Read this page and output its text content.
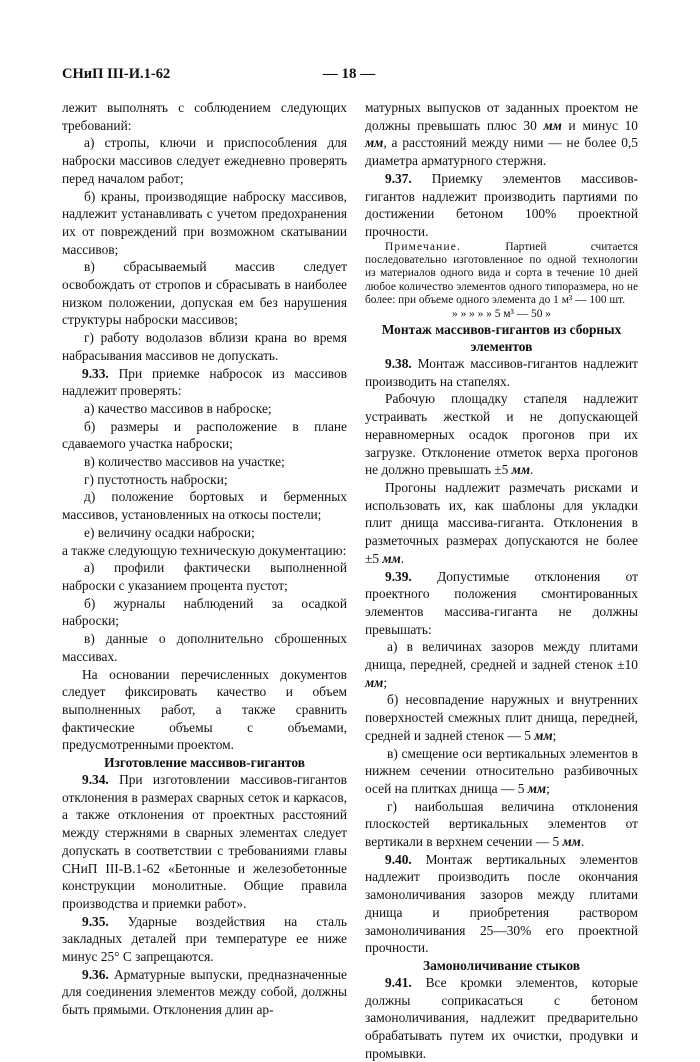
СНиП III-И.1-62	— 18 —

лежит выполнять с соблюдением следующих требований:

а) стропы, ключи и приспособления для наброски массивов следует ежедневно проверять перед началом работ;

б) краны, производящие наброску массивов, надлежит устанавливать с учетом предохранения их от повреждений при возможном скатывании массивов;

в) сбрасываемый массив следует освобождать от стропов и сбрасывать в наиболее низком положении, допуская ем без нарушения структуры наброски массивов;

г) работу водолазов вблизи крана во время набрасывания массивов не допускать.

9.33. При приемке набросок из массивов надлежит проверять:

а) качество массивов в наброске;

б) размеры и расположение в плане сдаваемого участка наброски;

в) количество массивов на участке;

г) пустотность наброски;

д) положение бортовых и берменных массивов, установленных на откосы постели;

е) величину осадки наброски;

а также следующую техническую документацию:

а) профили фактически выполненной наброски с указанием процента пустот;

б) журналы наблюдений за осадкой наброски;

в) данные о дополнительно сброшенных массивах.

На основании перечисленных документов следует фиксировать качество и объем выполненных работ, а также сравнить фактические объемы с объемами, предусмотренными проектом.

Изготовление массивов-гигантов

9.34. При изготовлении массивов-гигантов отклонения в размерах сварных сеток и каркасов, а также отклонения от проектных расстояний между стержнями в сварных элементах следует допускать в соответствии с требованиями главы СНиП III-В.1-62 «Бетонные и железобетонные конструкции монолитные. Общие правила производства и приемки работ».

9.35. Ударные воздействия на сталь закладных деталей при температуре ее ниже минус 25° С запрещаются.

9.36. Арматурные выпуски, предназначенные для соединения элементов между собой, должны быть прямыми. Отклонения длин ар-

матурных выпусков от заданных проектом не должны превышать плюс 30 мм и минус 10 мм, а расстояний между ними — не более 0,5 диаметра арматурного стержня.

9.37. Приемку элементов массивов-гигантов надлежит производить партиями по достижении бетоном 100% проектной прочности.

Примечание. Партией считается последовательно изготовленное по одной технологии из материалов одного вида и сорта в течение 10 дней любое количество элементов одного типоразмера, но не более: при объеме одного элемента до 1 м³ — 100 шт.

» » » » » 5 м³ — 50 »

Монтаж массивов-гигантов из сборных элементов

9.38. Монтаж массивов-гигантов надлежит производить на стапелях.

Рабочую площадку стапеля надлежит устраивать жесткой и не допускающей неравномерных осадок прогонов при их загрузке. Отклонение отметок верха прогонов не должно превышать ±5 мм.

Прогоны надлежит размечать рисками и использовать их, как шаблоны для укладки плит днища массива-гиганта. Отклонения в разметочных размерах допускаются не более ±5 мм.

9.39. Допустимые отклонения от проектного положения смонтированных элементов массива-гиганта не должны превышать:

а) в величинах зазоров между плитами днища, передней, средней и задней стенок ±10 мм;

б) несовпадение наружных и внутренних поверхностей смежных плит днища, передней, средней и задней стенок — 5 мм;

в) смещение оси вертикальных элементов в нижнем сечении относительно разбивочных осей на плитках днища — 5 мм;

г) наибольшая величина отклонения плоскостей вертикальных элементов от вертикали в верхнем сечении — 5 мм.

9.40. Монтаж вертикальных элементов надлежит производить после окончания замоноличивания зазоров между плитами днища и приобретения раствором замоноличивания 25—30% его проектной прочности.

Замоноличивание стыков

9.41. Все кромки элементов, которые должны соприкасаться с бетоном замоноличивания, надлежит предварительно обрабатывать путем их очистки, продувки и промывки.
